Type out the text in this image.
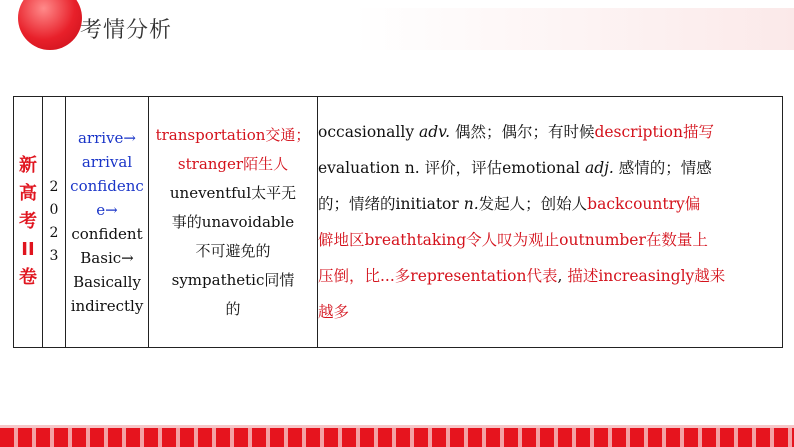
考情分析
新
高
考
II
卷

2
0
2
3

arrive→
arrival
confidenc
e→
confident
Basic→
Basically
indirectly

transportation交通；
stranger陌生人
uneventful太平无
事的unavoidable
不可避免的
sympathetic同情
的

occasionally adv. 偶然；偶尔；有时候description描写
evaluation n. 评价，评估emotional adj. 感情的；情感
的；情绪的initiator n.发起人；创始人backcountry偏
僻地区breathtaking令人叹为观止outnumber在数量上
压倒，比...多representation代表, 描述increasingly越来
越多
